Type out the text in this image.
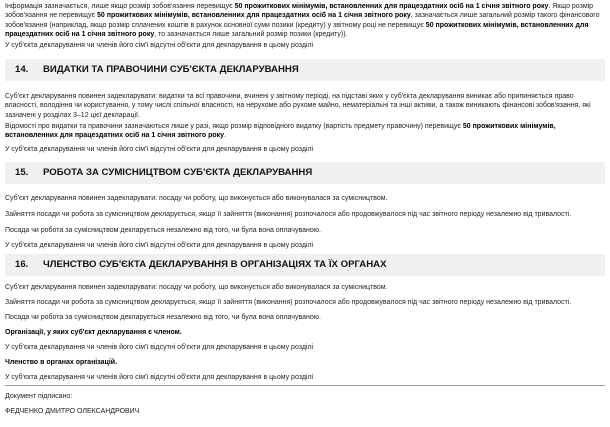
Інформація зазначається, лише якщо розмір зобов'язання перевищує 50 прожиткових мінімумів, встановленних для працездатних осіб на 1 січня звітного року. Якщо розмір зобов'язання не перевищує 50 прожиткових мінімумів, встановленних для працездатних осіб на 1 січня звітного року, зазначається лише загальний розмір такого фінансового зобов'язання (наприклад, якщо розмір сплачених коштів в рахунок основної суми позики (кредиту) у звітному році не перевищує 50 прожиткових мінімумів, встановленних для працездатних осіб на 1 січня звітного року, то зазначається лише загальний розмір позики (кредиту)).

У суб'єкта декларування чи членів його сім'ї відсутні об'єкти для декларування в цьому розділі

14. ВИДАТКИ ТА ПРАВОЧИНИ СУБ'ЄКТА ДЕКЛАРУВАННЯ

Суб'єкт декларування повинен задекларувати: видатки та всі правочини, вчинені у звітному періоді, на підставі яких у суб'єкта декларування виникає або припиняється право власності, володіння чи користування, у тому числі спільної власності, на нерухоме або рухоме майно, нематеріальні та інші активи, а також виникають фінансові зобов'язання, які зазначені у розділах 3–12 цієї декларації.

Відомості про видатки та правочини зазначаються лише у разі, якщо розмір відповідного видатку (вартість предмету правочину) перевищує 50 прожиткових мінімумів, встановленних для працездатних осіб на 1 січня звітного року.

У суб'єкта декларування чи членів його сім'ї відсутні об'єкти для декларування в цьому розділі

15. РОБОТА ЗА СУМІСНИЦТВОМ СУБ'ЄКТА ДЕКЛАРУВАННЯ

Суб'єкт декларування повинен задекларувати: посаду чи роботу, що виконується або виконувалася за сумісництвом.

Зайняття посади чи робота за сумісництвом декларується, якщо її зайняття (виконання) розпочалося або продовжувалося під час звітного періоду незалежно від тривалості.

Посада чи робота за сумісництвом декларується незалежно від того, чи була вона оплачуваною.

У суб'єкта декларування чи членів його сім'ї відсутні об'єкти для декларування в цьому розділі

16. ЧЛЕНСТВО СУБ'ЄКТА ДЕКЛАРУВАННЯ В ОРГАНІЗАЦІЯХ ТА ЇХ ОРГАНАХ

Суб'єкт декларування повинен задекларувати: посаду чи роботу, що виконується або виконувалася за сумісництвом.

Зайняття посади чи робота за сумісництвом декларується, якщо її зайняття (виконання) розпочалося або продовжувалося під час звітного періоду незалежно від тривалості.

Посада чи робота за сумісництвом декларується незалежно від того, чи була вона оплачуваною.

Організації, у яких суб'єкт декларування є членом.

У суб'єкта декларування чи членів його сім'ї відсутні об'єкти для декларування в цьому розділі

Членство в органах організацій.

У суб'єкта декларування чи членів його сім'ї відсутні об'єкти для декларування в цьому розділі

Документ підписано:

ФЕДЧЕНКО ДМИТРО ОЛЕКСАНДРОВИЧ
